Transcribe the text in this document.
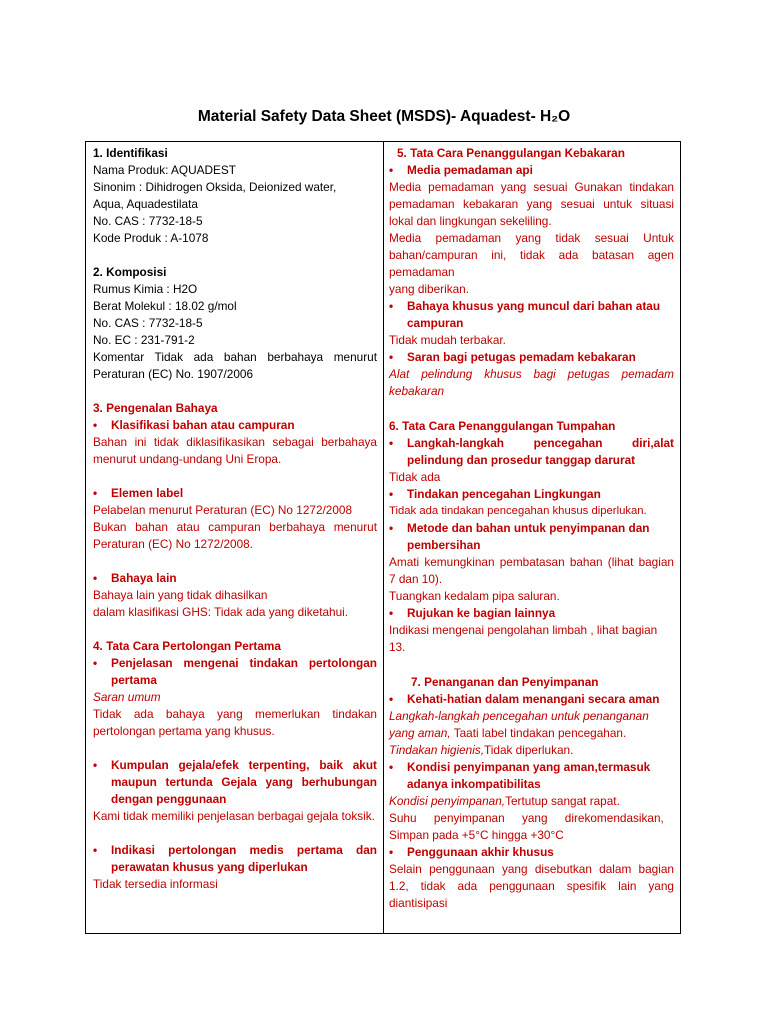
Material Safety Data Sheet (MSDS)- Aquadest- H₂O
1. Identifikasi
Nama Produk: AQUADEST
Sinonim : Dihidrogen Oksida, Deionized water,
Aqua, Aquadestilata
No. CAS : 7732-18-5
Kode Produk : A-1078
2. Komposisi
Rumus Kimia : H2O
Berat Molekul : 18.02 g/mol
No. CAS : 7732-18-5
No. EC : 231-791-2
Komentar Tidak ada bahan berbahaya menurut Peraturan (EC) No. 1907/2006
3. Pengenalan Bahaya
•	Klasifikasi bahan atau campuran
Bahan ini tidak diklasifikasikan sebagai berbahaya menurut undang-undang Uni Eropa.
•	Elemen label
Pelabelan menurut Peraturan (EC) No 1272/2008
Bukan bahan atau campuran berbahaya menurut Peraturan (EC) No 1272/2008.
•	Bahaya lain
Bahaya lain yang tidak dihasilkan
dalam klasifikasi GHS: Tidak ada yang diketahui.
4. Tata Cara Pertolongan Pertama
•	Penjelasan mengenai tindakan pertolongan pertama
Saran umum
Tidak ada bahaya yang memerlukan tindakan pertolongan pertama yang khusus.
•	Kumpulan gejala/efek terpenting, baik akut maupun tertunda Gejala yang berhubungan dengan penggunaan
Kami tidak memiliki penjelasan berbagai gejala toksik.
•	Indikasi pertolongan medis pertama dan perawatan khusus yang diperlukan
Tidak tersedia informasi
5. Tata Cara Penanggulangan Kebakaran
•	Media pemadaman api
Media pemadaman yang sesuai Gunakan tindakan pemadaman kebakaran yang sesuai untuk situasi lokal dan lingkungan sekeliling.
Media pemadaman yang tidak sesuai Untuk bahan/campuran ini, tidak ada batasan agen pemadaman
yang diberikan.
•	Bahaya khusus yang muncul dari bahan atau campuran
Tidak mudah terbakar.
•	Saran bagi petugas pemadam kebakaran
Alat pelindung khusus bagi petugas pemadam kebakaran
6. Tata Cara Penanggulangan Tumpahan
•	Langkah-langkah pencegahan diri,alat pelindung dan prosedur tanggap darurat
Tidak ada
•	Tindakan pencegahan Lingkungan
Tidak ada tindakan pencegahan khusus diperlukan.
•	Metode dan bahan untuk penyimpanan dan pembersihan
Amati kemungkinan pembatasan bahan (lihat bagian 7 dan 10).
Tuangkan kedalam pipa saluran.
•	Rujukan ke bagian lainnya
Indikasi mengenai pengolahan limbah , lihat bagian 13.
7. Penanganan dan Penyimpanan
•	Kehati-hatian dalam menangani secara aman
Langkah-langkah pencegahan untuk penanganan yang aman, Taati label tindakan pencegahan.
Tindakan higienis,Tidak diperlukan.
•	Kondisi penyimpanan yang aman,termasuk adanya inkompatibilitas
Kondisi penyimpanan,Tertutup sangat rapat.
Suhu penyimpanan yang direkomendasikan,
Simpan pada +5°C hingga +30°C
•	Penggunaan akhir khusus
Selain penggunaan yang disebutkan dalam bagian 1.2, tidak ada penggunaan spesifik lain yang diantisipasi
